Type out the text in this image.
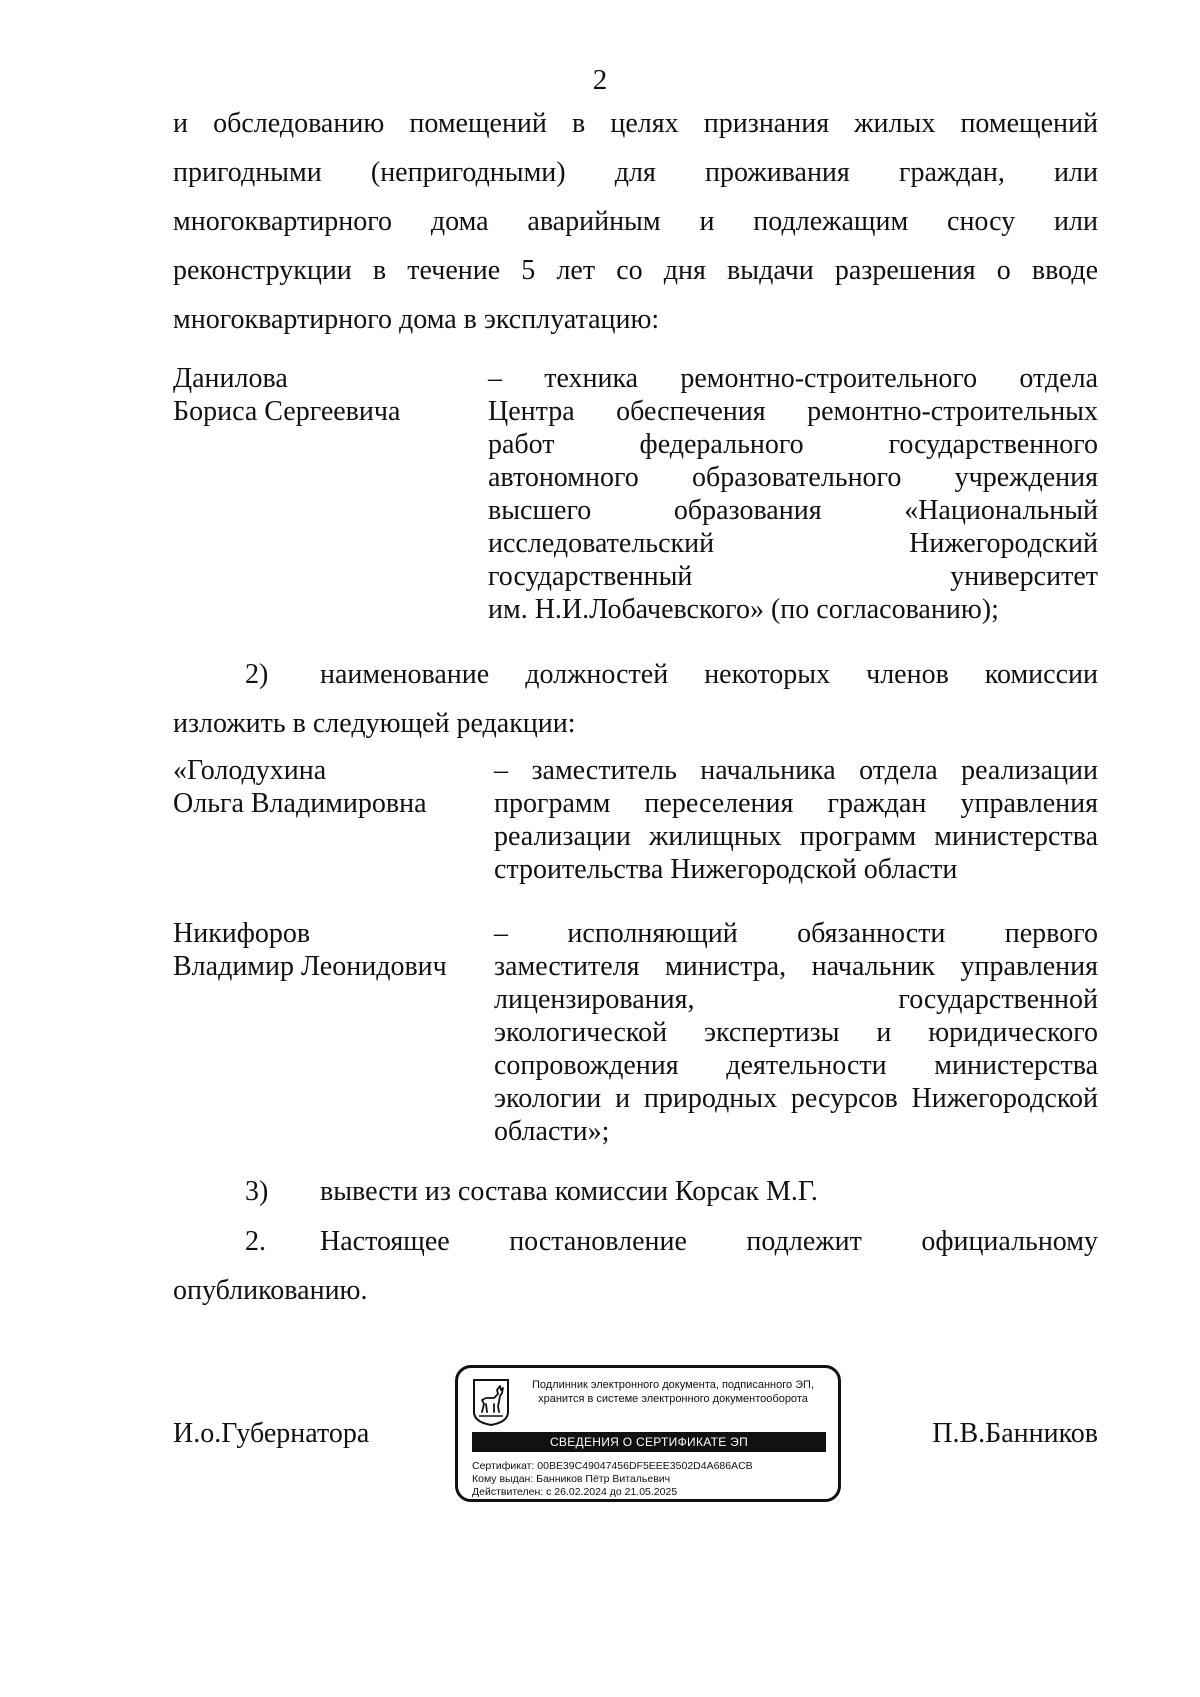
2

и обследованию помещений в целях признания жилых помещений

пригодными (непригодными) для проживания граждан, или

многоквартирного дома аварийным и подлежащим сносу или

реконструкции в течение 5 лет со дня выдачи разрешения о вводе

многоквартирного дома в эксплуатацию:

Данилова
Бориса Сергеевича
– техника ремонтно-строительного отдела
Центра обеспечения ремонтно-строительных
работ федерального государственного
автономного образовательного учреждения
высшего образования «Национальный
исследовательский Нижегородский
государственный университет
им. Н.И.Лобачевского» (по согласованию);
2) наименование должностей некоторых членов комиссии
изложить в следующей редакции:
«Голодухина
Ольга Владимировна
– заместитель начальника отдела реализации
программ переселения граждан управления
реализации жилищных программ министерства
строительства Нижегородской области
Никифоров
Владимир Леонидович
– исполняющий обязанности первого
заместителя министра, начальник управления
лицензирования, государственной
экологической экспертизы и юридического
сопровождения деятельности министерства
экологии и природных ресурсов Нижегородской
области»;
3) вывести из состава комиссии Корсак М.Г.
2. Настоящее постановление подлежит официальному
опубликованию.
И.о.Губернатора	П.В.Банников
Подлинник электронного документа, подписанного ЭП,
хранится в системе электронного документооборота
СВЕДЕНИЯ О СЕРТИФИКАТЕ ЭП
Сертификат: 00BE39C49047456DF5EEE3502D4A686ACB
Кому выдан: Банников Пётр Витальевич
Действителен: с 26.02.2024 до 21.05.2025
